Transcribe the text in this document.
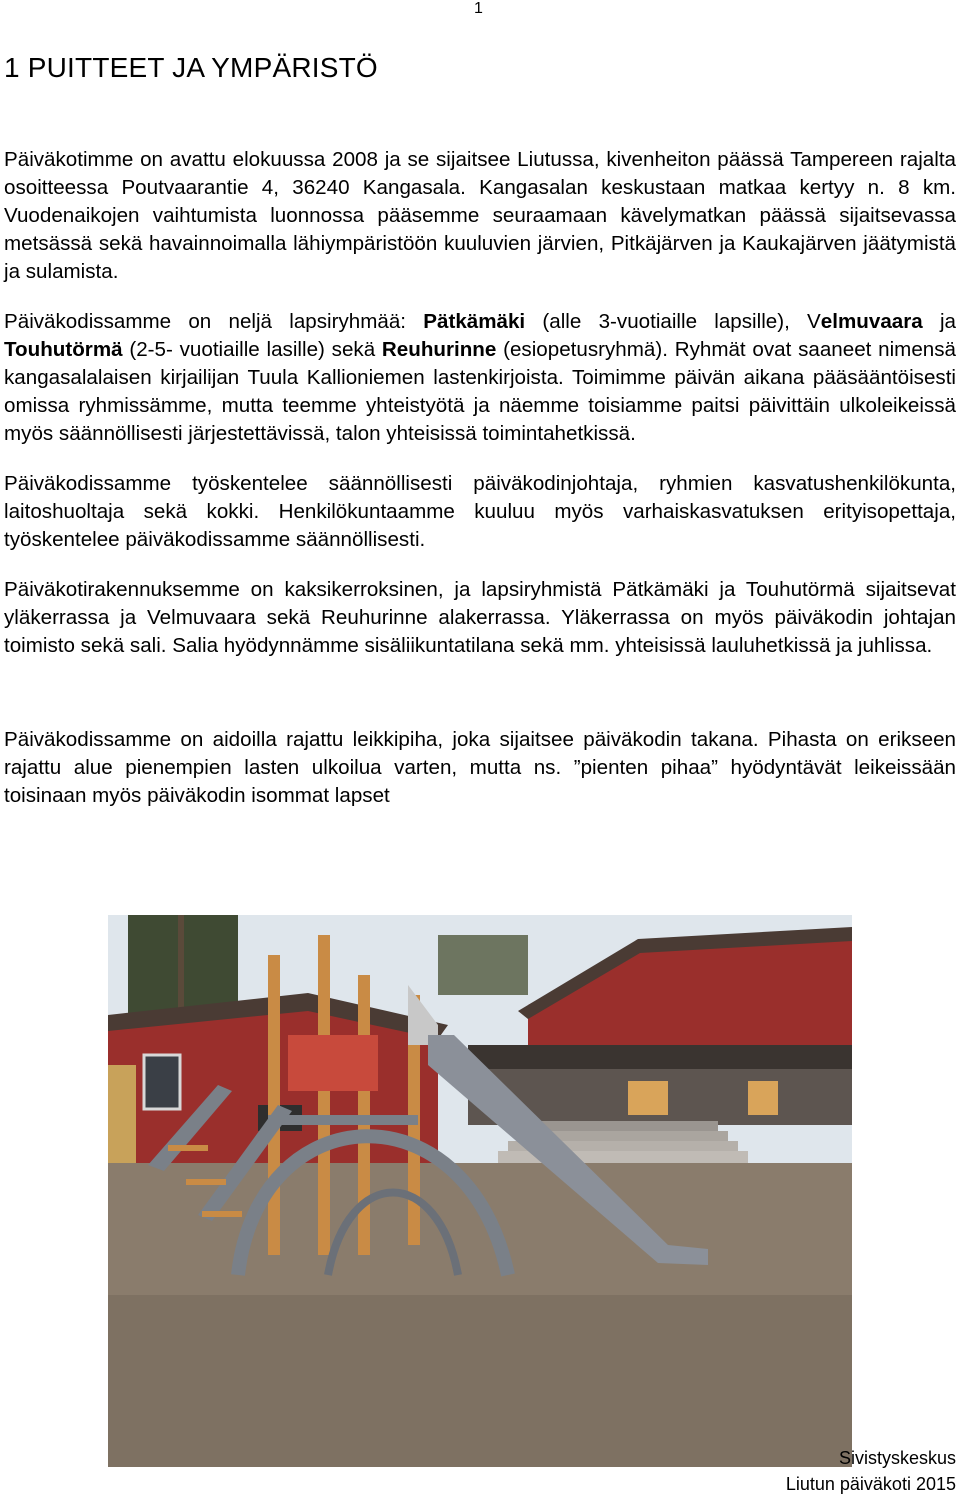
1
1 PUITTEET JA YMPÄRISTÖ

Päiväkotimme on avattu elokuussa 2008 ja se sijaitsee Liutussa, kivenheiton päässä Tampereen rajalta osoitteessa Poutvaarantie 4, 36240 Kangasala. Kangasalan keskustaan matkaa kertyy n. 8 km. Vuodenaikojen vaihtumista luonnossa pääsemme seuraamaan kävelymatkan päässä sijaitsevassa metsässä sekä havainnoimalla lähiympäristöön kuuluvien järvien, Pitkäjärven ja Kaukajärven jäätymistä ja sulamista.

Päiväkodissamme on neljä lapsiryhmää: Pätkämäki (alle 3-vuotiaille lapsille), Velmuvaara ja Touhutörmä (2-5- vuotiaille lasille) sekä Reuhurinne (esiopetusryhmä). Ryhmät ovat saaneet nimensä kangasalalaisen kirjailijan Tuula Kallioniemen lastenkirjoista. Toimimme päivän aikana pääsääntöisesti omissa ryhmissämme, mutta teemme yhteistyötä ja näemme toisiamme paitsi päivittäin ulkoleikeissä myös säännöllisesti järjestettävissä, talon yhteisissä toimintahetkissä.

Päiväkodissamme työskentelee säännöllisesti päiväkodinjohtaja, ryhmien kasvatushenkilökunta, laitoshuoltaja sekä kokki. Henkilökuntaamme kuuluu myös varhaiskasvatuksen erityisopettaja, työskentelee päiväkodissamme säännöllisesti.

Päiväkotirakennuksemme on kaksikerroksinen, ja lapsiryhmistä Pätkämäki ja Touhutörmä sijaitsevat yläkerrassa ja Velmuvaara sekä Reuhurinne alakerrassa. Yläkerrassa on myös päiväkodin johtajan toimisto sekä sali. Salia hyödynnämme sisäliikuntatilana sekä mm. yhteisissä lauluhetkissä ja juhlissa.

Päiväkodissamme on aidoilla rajattu leikkipiha, joka sijaitsee päiväkodin takana. Pihasta on erikseen rajattu alue pienempien lasten ulkoilua varten, mutta ns. ”pienten pihaa” hyödyntävät leikeissään toisinaan myös päiväkodin isommat lapset

Sivistyskeskus
Liutun päiväkoti 2015
